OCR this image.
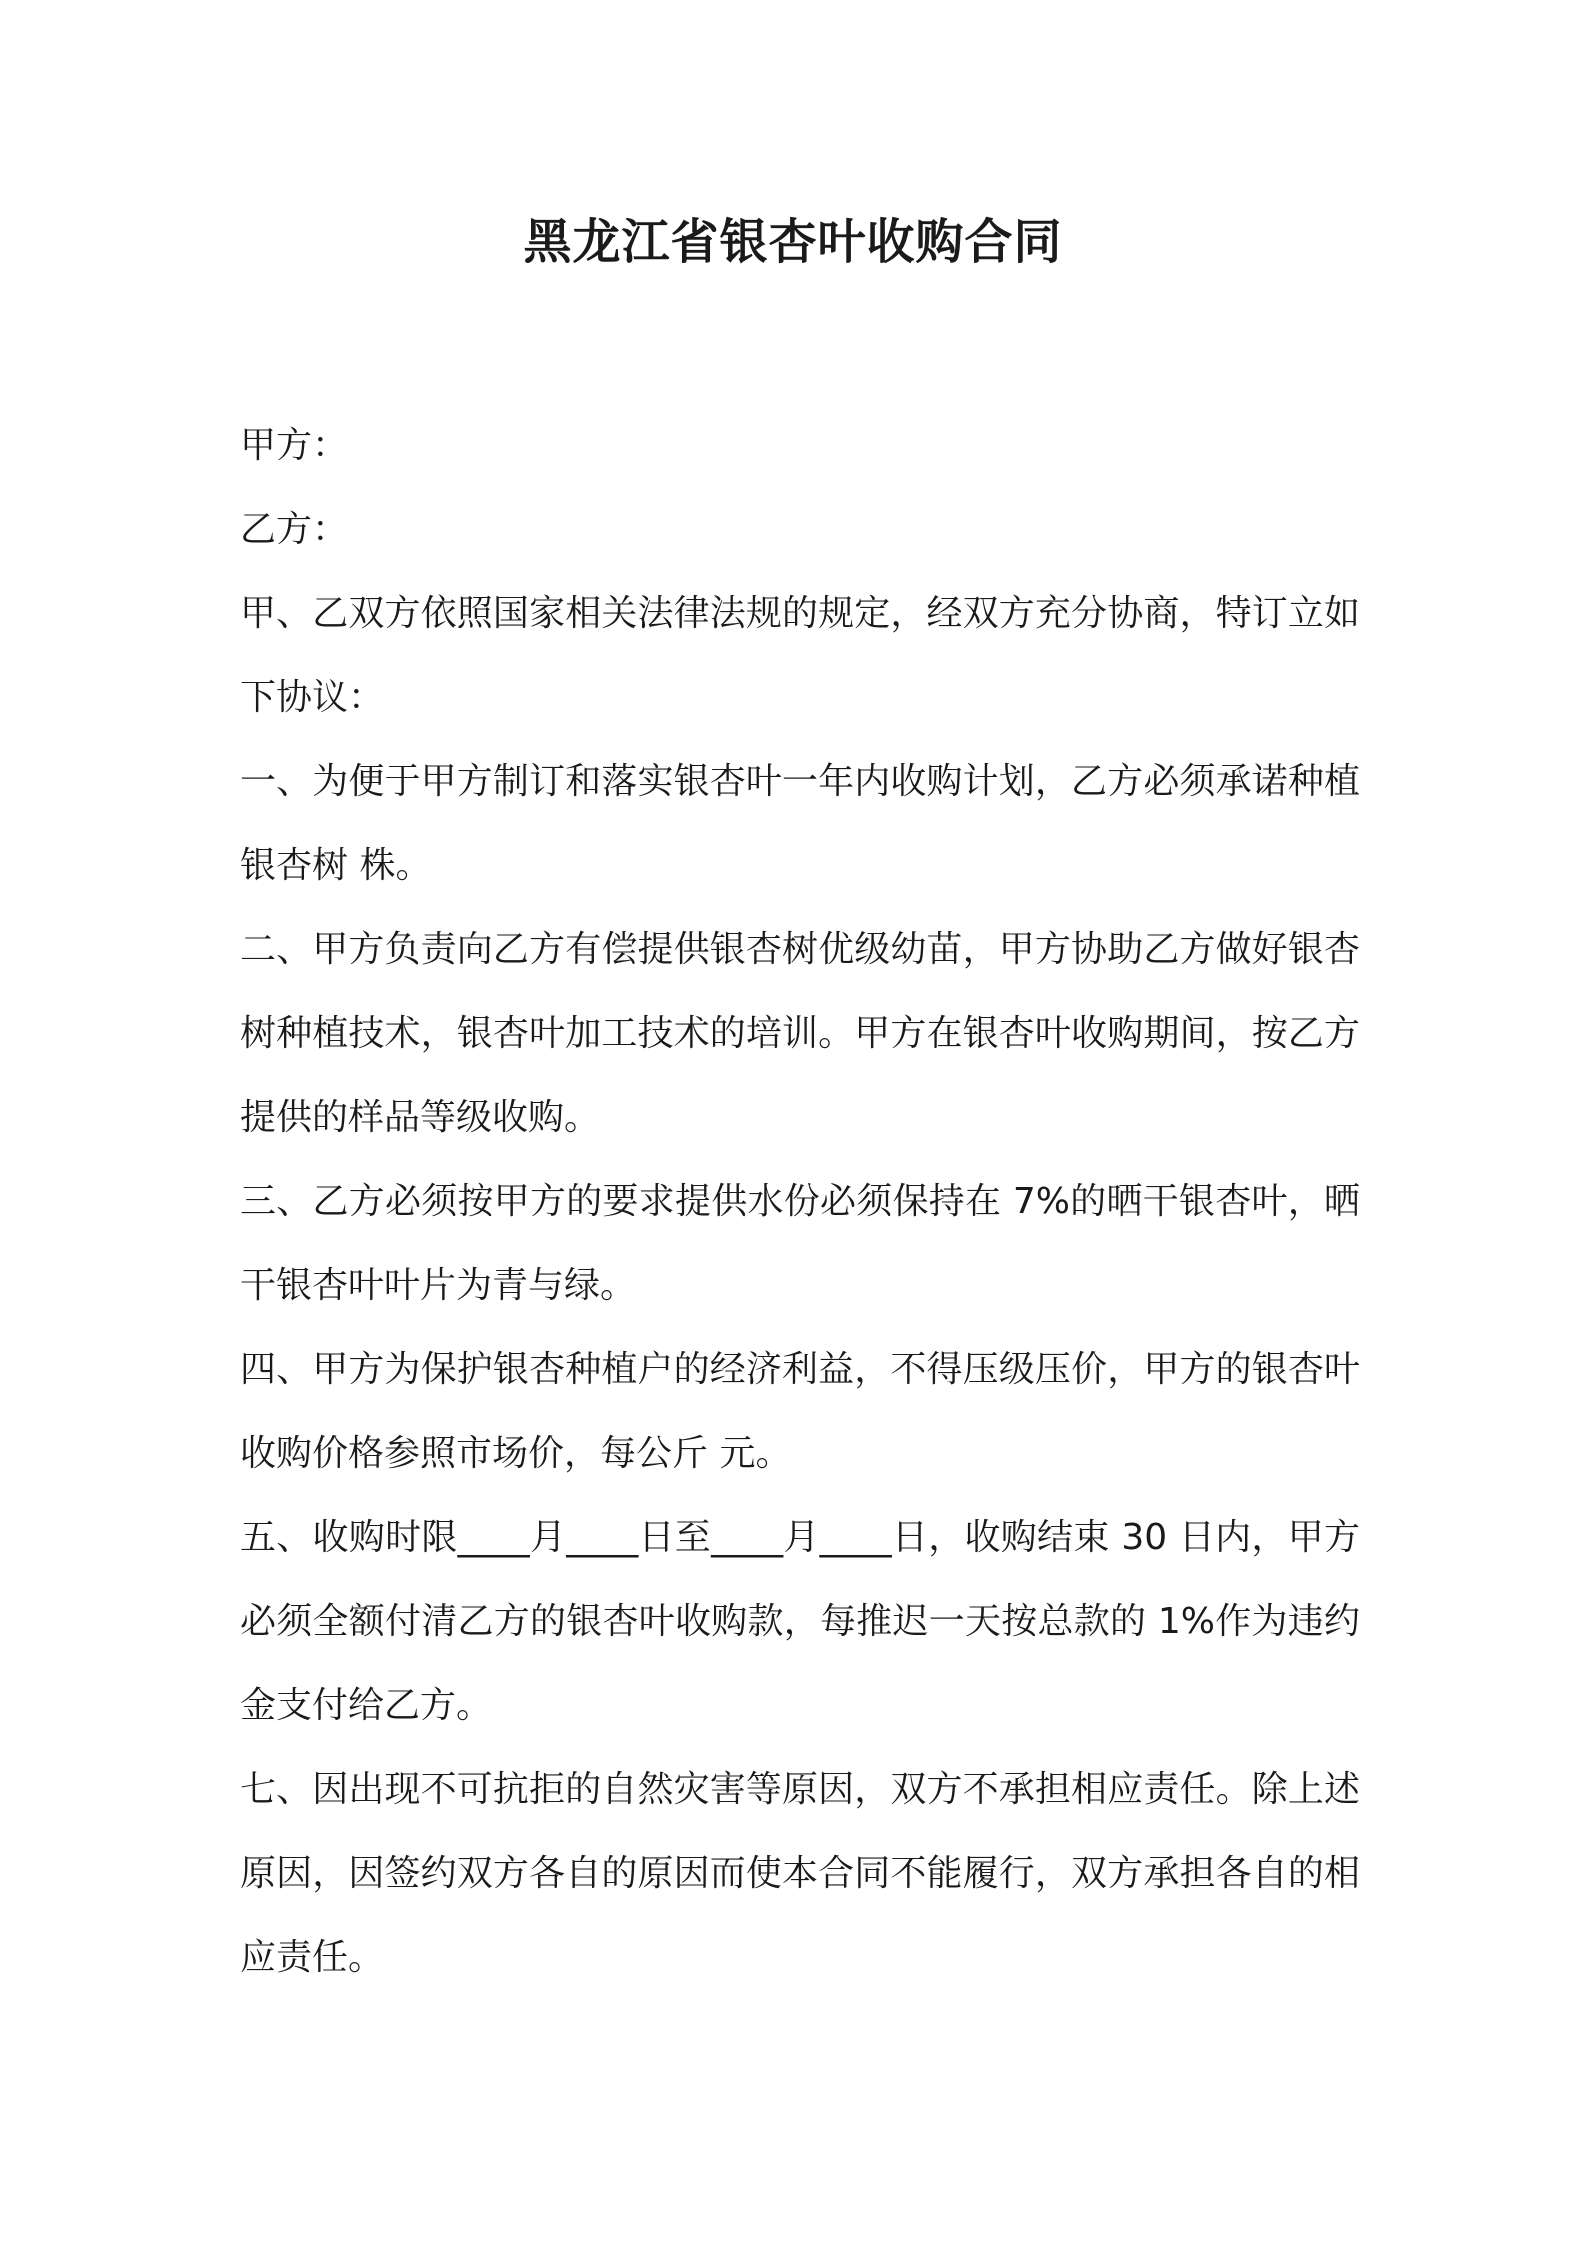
黑龙江省银杏叶收购合同

甲方：

乙方：

甲、乙双方依照国家相关法律法规的规定，经双方充分协商，特订立如下协议：

一、为便于甲方制订和落实银杏叶一年内收购计划，乙方必须承诺种植 银杏树 株。

二、甲方负责向乙方有偿提供银杏树优级幼苗，甲方协助乙方做好银杏树种植技术，银杏叶加工技术的培训。甲方在银杏叶收购期间，按乙方提供的样品等级收购。

三、乙方必须按甲方的要求提供水份必须保持在 7%的晒干银杏叶，晒干银杏叶叶片为青与绿。

四、甲方为保护银杏种植户的经济利益，不得压级压价，甲方的银杏叶收购价格参照市场价，每公斤 元。

五、收购时限____月____日至____月____日，收购结束 30 日内，甲方必须全额付清乙方的银杏叶收购款，每推迟一天按总款的 1%作为违约金支付给乙方。

七、因出现不可抗拒的自然灾害等原因，双方不承担相应责任。除上述原因，因签约双方各自的原因而使本合同不能履行，双方承担各自的相应责任。
